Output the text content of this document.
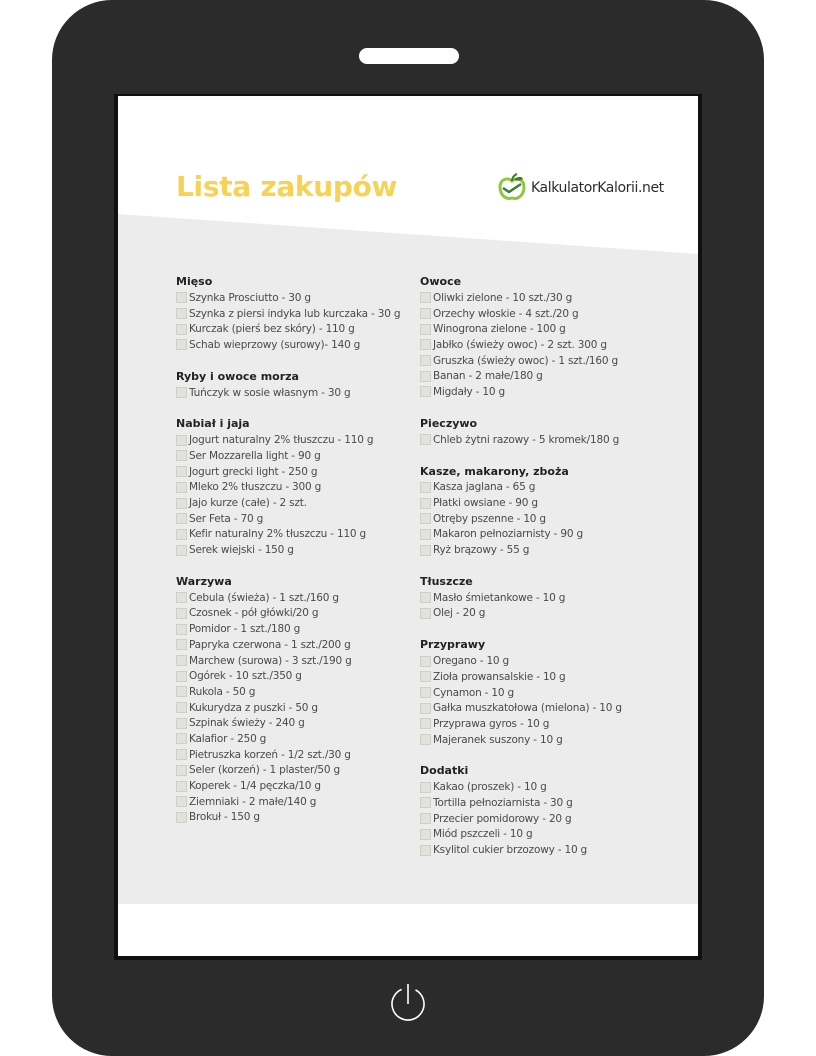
Lista zakupów	KalkulatorKalorii.net
Mięso
Szynka Prosciutto - 30 g
Szynka z piersi indyka lub kurczaka - 30 g
Kurczak (pierś bez skóry) - 110 g
Schab wieprzowy (surowy)- 140 g
Ryby i owoce morza
Tuńczyk w sosie własnym - 30 g
Nabiał i jaja
Jogurt naturalny 2% tłuszczu - 110 g
Ser Mozzarella light - 90 g
Jogurt grecki light - 250 g
Mleko 2% tłuszczu - 300 g
Jajo kurze (całe) - 2 szt.
Ser Feta - 70 g
Kefir naturalny 2% tłuszczu - 110 g
Serek wiejski - 150 g
Warzywa
Cebula (świeża) - 1 szt./160 g
Czosnek - pół główki/20 g
Pomidor - 1 szt./180 g
Papryka czerwona - 1 szt./200 g
Marchew (surowa) - 3 szt./190 g
Ogórek - 10 szt./350 g
Rukola - 50 g
Kukurydza z puszki - 50 g
Szpinak świeży - 240 g
Kalafior - 250 g
Pietruszka korzeń - 1/2 szt./30 g
Seler (korzeń) - 1 plaster/50 g
Koperek - 1/4 pęczka/10 g
Ziemniaki - 2 małe/140 g
Brokuł - 150 g
Owoce
Oliwki zielone - 10 szt./30 g
Orzechy włoskie - 4 szt./20 g
Winogrona zielone - 100 g
Jabłko (świeży owoc) - 2 szt. 300 g
Gruszka (świeży owoc) - 1 szt./160 g
Banan - 2 małe/180 g
Migdały - 10 g
Pieczywo
Chleb żytni razowy - 5 kromek/180 g
Kasze, makarony, zboża
Kasza jaglana - 65 g
Płatki owsiane - 90 g
Otręby pszenne - 10 g
Makaron pełnoziarnisty - 90 g
Ryż brązowy - 55 g
Tłuszcze
Masło śmietankowe - 10 g
Olej - 20 g
Przyprawy
Oregano - 10 g
Zioła prowansalskie - 10 g
Cynamon - 10 g
Gałka muszkatołowa (mielona) - 10 g
Przyprawa gyros - 10 g
Majeranek suszony - 10 g
Dodatki
Kakao (proszek) - 10 g
Tortilla pełnoziarnista - 30 g
Przecier pomidorowy - 20 g
Miód pszczeli - 10 g
Ksylitol cukier brzozowy - 10 g
